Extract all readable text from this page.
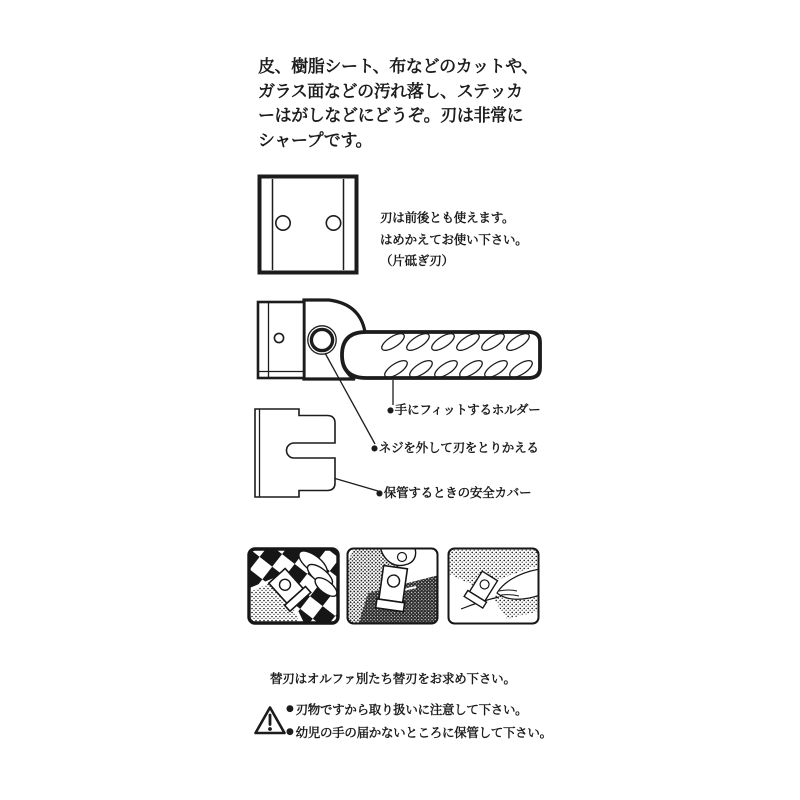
皮、樹脂シート、布などのカットや、
ガラス面などの汚れ落し、ステッカ
ーはがしなどにどうぞ。刃は非常に
シャープです。
刃は前後とも使えます。
はめかえてお使い下さい。
（片砥ぎ刃）
● 手にフィットするホルダー
● ネジを外して刃をとりかえる
● 保管するときの安全カバー
替刃はオルファ別たち替刃をお求め下さい。
● 刃物ですから取り扱いに注意して下さい。
● 幼児の手の届かないところに保管して下さい。
